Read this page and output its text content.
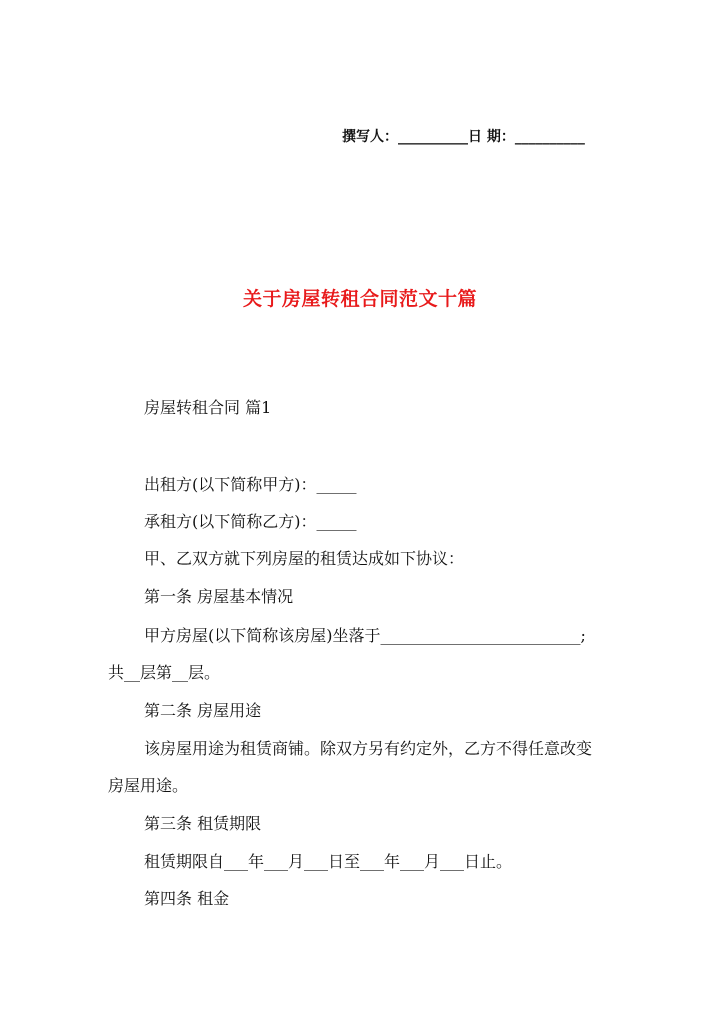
撰写人：__________日 期：__________
关于房屋转租合同范文十篇
房屋转租合同 篇1
出租方(以下简称甲方)：_____
承租方(以下简称乙方)：_____
甲、乙双方就下列房屋的租赁达成如下协议：
第一条 房屋基本情况
甲方房屋(以下简称该房屋)坐落于_________________________;
共__层第__层。
第二条 房屋用途
该房屋用途为租赁商铺。除双方另有约定外，乙方不得任意改变
房屋用途。
第三条 租赁期限
租赁期限自___年___月___日至___年___月___日止。
第四条 租金
